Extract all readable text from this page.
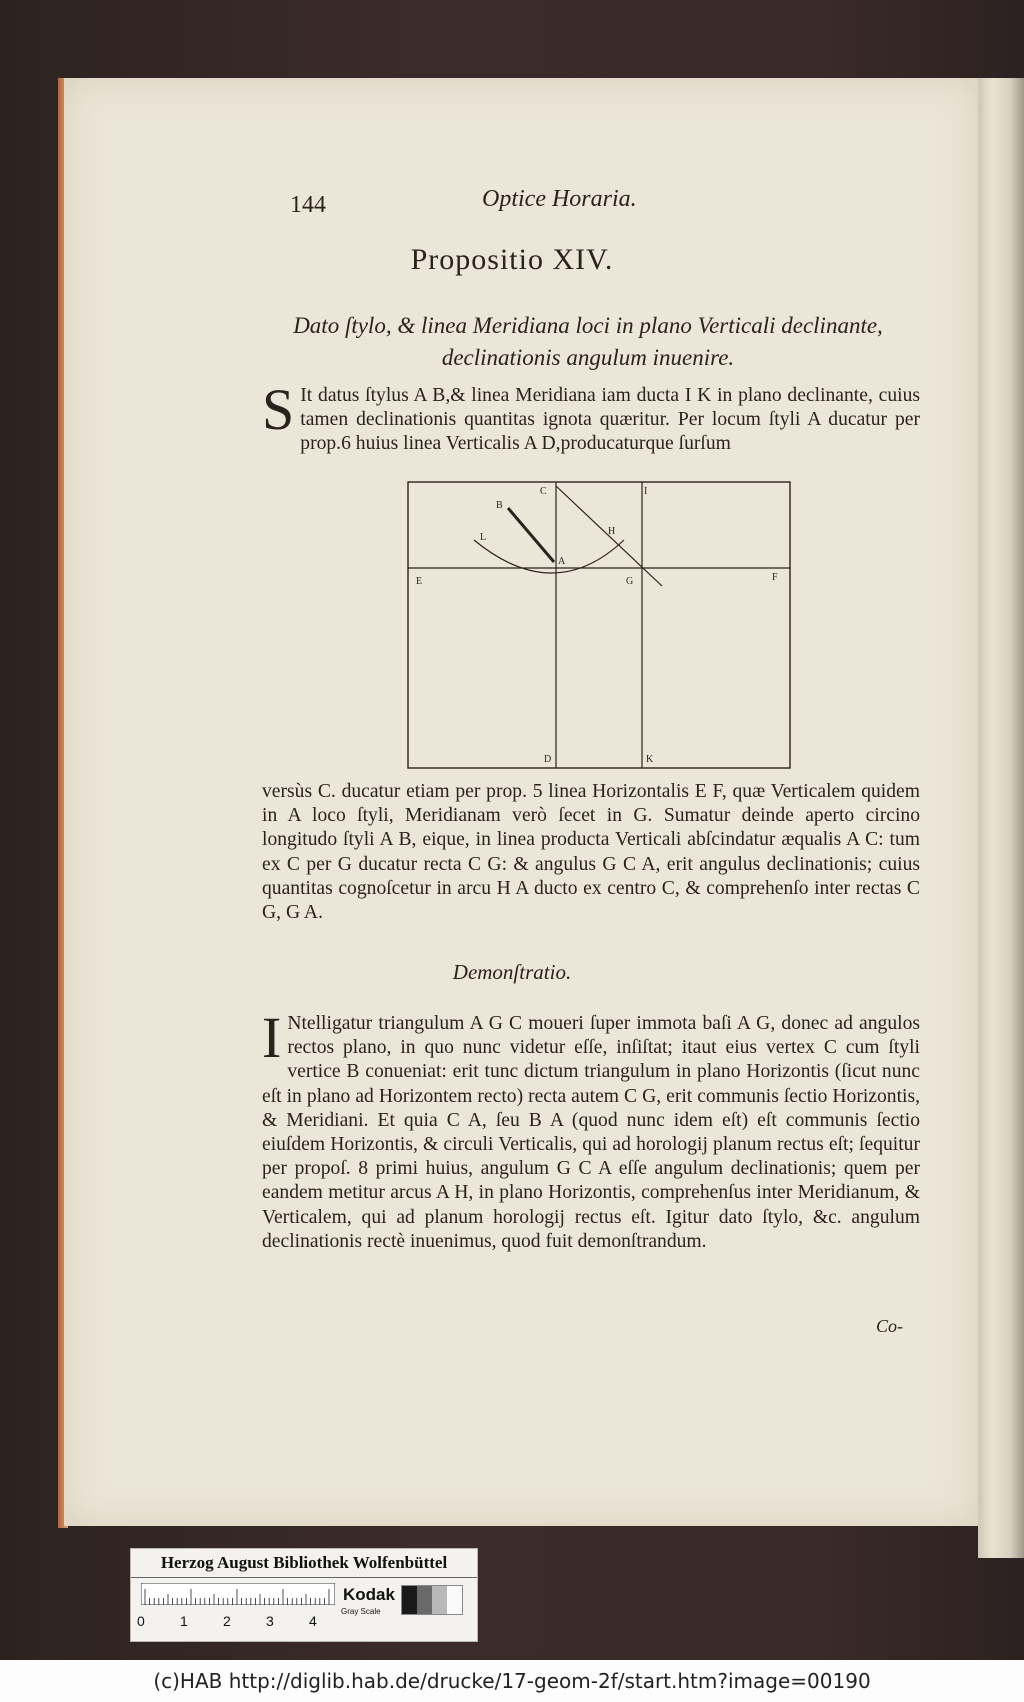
144	Optice Horaria.
Propositio XIV.
Dato ſtylo, & linea Meridiana loci in plano Verticali declinante, declinationis angulum inuenire.
SIt datus ſtylus A B,& linea Meridiana iam ducta I K in plano declinante, cuius tamen declinationis quantitas ignota quæritur. Per locum ſtyli A ducatur per prop.6 huius linea Verticalis A D,producaturque ſurſum
B
C	I
H
L
A
E	G	F
D	K
versùs C. ducatur etiam per prop. 5 linea Horizontalis E F, quæ Verticalem quidem in A loco ſtyli, Meridianam verò ſecet in G. Sumatur deinde aperto circino longitudo ſtyli A B, eique, in linea producta Verticali abſcindatur æqualis A C: tum ex C per G ducatur recta C G: & angulus G C A, erit angulus declinationis; cuius quantitas cognoſcetur in arcu H A ducto ex centro C, & comprehenſo inter rectas C G, G A.
Demonſtratio.
INtelligatur triangulum A G C moueri ſuper immota baſi A G, donec ad angulos rectos plano, in quo nunc videtur eſſe, inſiſtat; itaut eius vertex C cum ſtyli vertice B conueniat: erit tunc dictum triangulum in plano Horizontis (ſicut nunc eſt in plano ad Horizontem recto) recta autem C G, erit communis ſectio Horizontis, & Meridiani. Et quia C A, ſeu B A (quod nunc idem eſt) eſt communis ſectio eiuſdem Horizontis, & circuli Verticalis, qui ad horologij planum rectus eſt; ſequitur per propoſ. 8 primi huius, angulum G C A eſſe angulum declinationis; quem per eandem metitur arcus A H, in plano Horizontis, comprehenſus inter Meridianum, & Verticalem, qui ad planum horologij rectus eſt. Igitur dato ſtylo, &c. angulum declinationis rectè inuenimus, quod fuit demonſtrandum.
Co-
Herzog August Bibliothek Wolfenbüttel
0	1	2	3	4
Kodak
Gray Scale
(c)HAB http://diglib.hab.de/drucke/17-geom-2f/start.htm?image=00190
